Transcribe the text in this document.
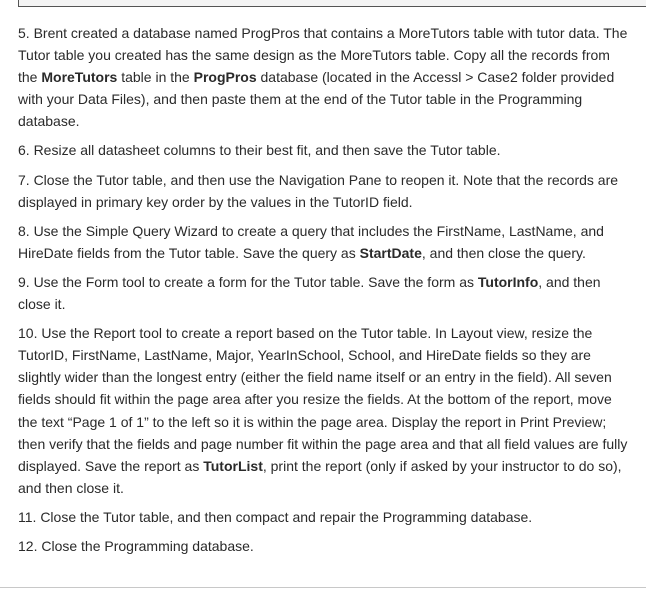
5. Brent created a database named ProgPros that contains a MoreTutors table with tutor data. The Tutor table you created has the same design as the MoreTutors table. Copy all the records from the MoreTutors table in the ProgPros database (located in the Accessl > Case2 folder provided with your Data Files), and then paste them at the end of the Tutor table in the Programming database.

6. Resize all datasheet columns to their best fit, and then save the Tutor table.

7. Close the Tutor table, and then use the Navigation Pane to reopen it. Note that the records are displayed in primary key order by the values in the TutorID field.

8. Use the Simple Query Wizard to create a query that includes the FirstName, LastName, and HireDate fields from the Tutor table. Save the query as StartDate, and then close the query.

9. Use the Form tool to create a form for the Tutor table. Save the form as TutorInfo, and then close it.

10. Use the Report tool to create a report based on the Tutor table. In Layout view, resize the TutorID, FirstName, LastName, Major, YearInSchool, School, and HireDate fields so they are slightly wider than the longest entry (either the field name itself or an entry in the field). All seven fields should fit within the page area after you resize the fields. At the bottom of the report, move the text “Page 1 of 1” to the left so it is within the page area. Display the report in Print Preview; then verify that the fields and page number fit within the page area and that all field values are fully displayed. Save the report as TutorList, print the report (only if asked by your instructor to do so), and then close it.

11. Close the Tutor table, and then compact and repair the Programming database.

12. Close the Programming database.
